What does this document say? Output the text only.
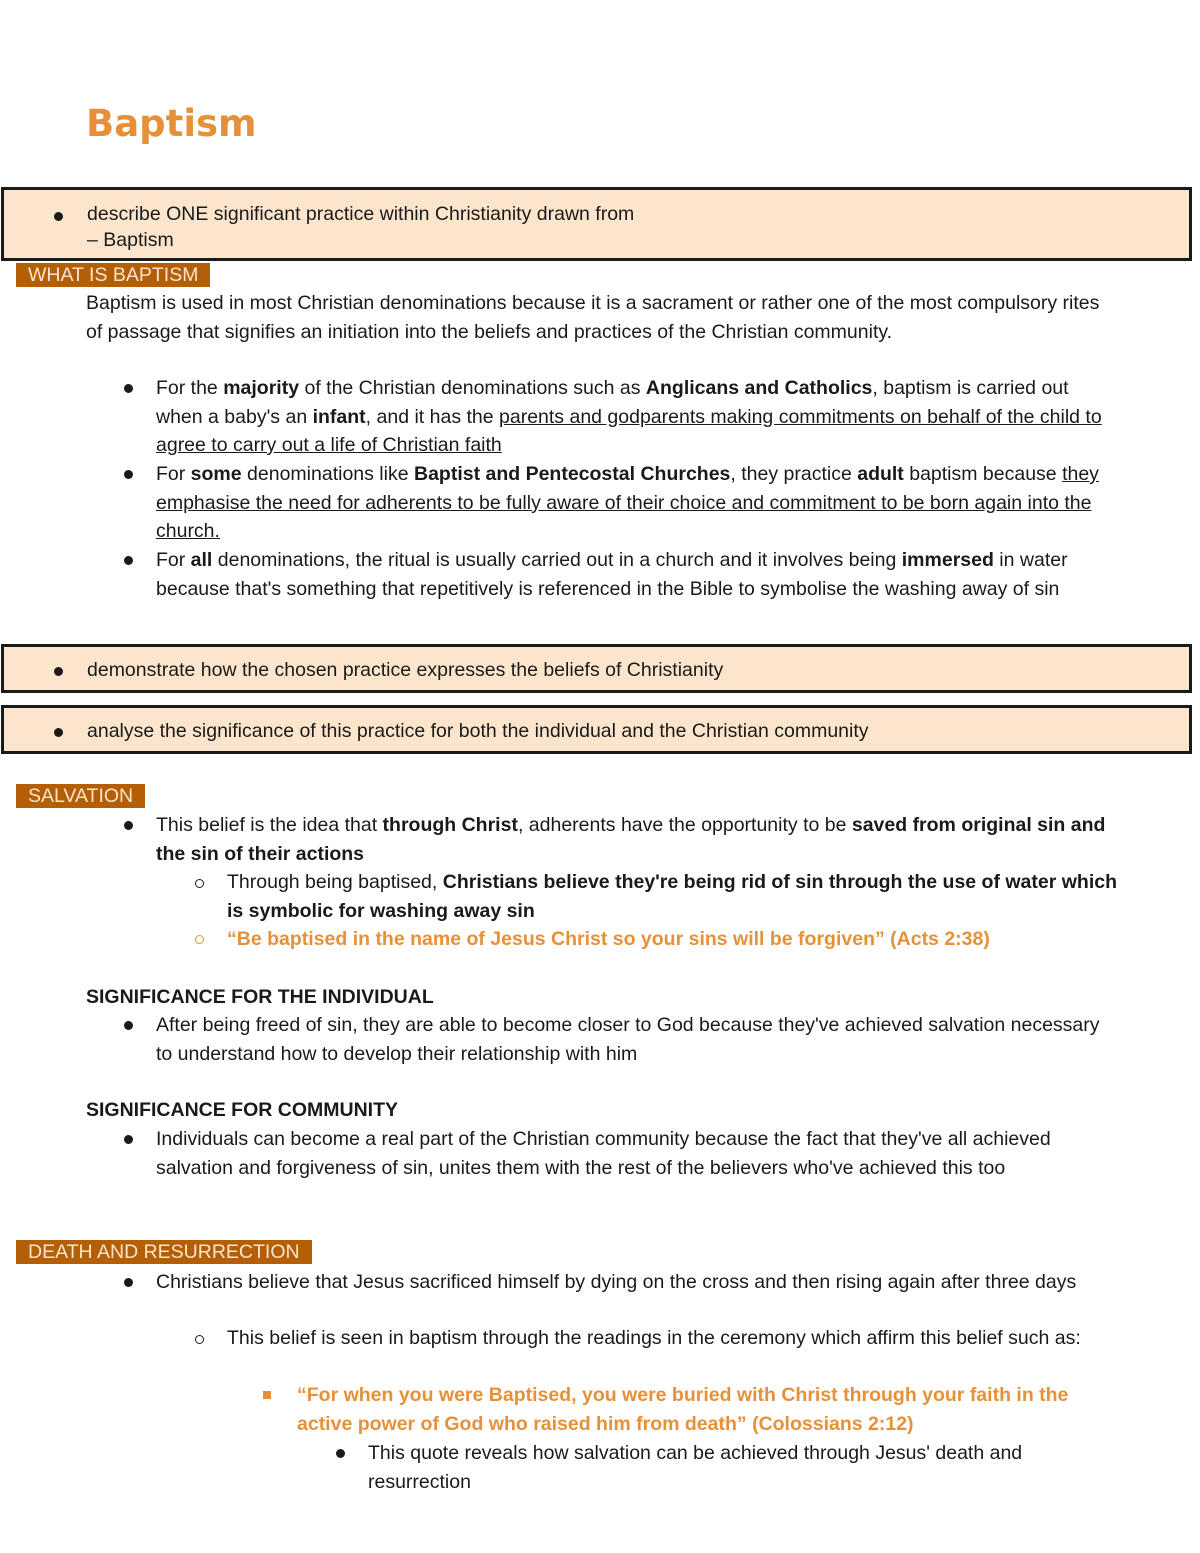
Baptism
describe ONE significant practice within Christianity drawn from
– Baptism
WHAT IS BAPTISM
Baptism is used in most Christian denominations because it is a sacrament or rather one of the most compulsory rites of passage that signifies an initiation into the beliefs and practices of the Christian community.
For the majority of the Christian denominations such as Anglicans and Catholics, baptism is carried out when a baby's an infant, and it has the parents and godparents making commitments on behalf of the child to agree to carry out a life of Christian faith
For some denominations like Baptist and Pentecostal Churches, they practice adult baptism because they emphasise the need for adherents to be fully aware of their choice and commitment to be born again into the church.
For all denominations, the ritual is usually carried out in a church and it involves being immersed in water because that's something that repetitively is referenced in the Bible to symbolise the washing away of sin
demonstrate how the chosen practice expresses the beliefs of Christianity
analyse the significance of this practice for both the individual and the Christian community
SALVATION
This belief is the idea that through Christ, adherents have the opportunity to be saved from original sin and the sin of their actions
Through being baptised, Christians believe they're being rid of sin through the use of water which is symbolic for washing away sin
“Be baptised in the name of Jesus Christ so your sins will be forgiven” (Acts 2:38)
SIGNIFICANCE FOR THE INDIVIDUAL
After being freed of sin, they are able to become closer to God because they've achieved salvation necessary to understand how to develop their relationship with him
SIGNIFICANCE FOR COMMUNITY
Individuals can become a real part of the Christian community because the fact that they've all achieved salvation and forgiveness of sin, unites them with the rest of the believers who've achieved this too
DEATH AND RESURRECTION
Christians believe that Jesus sacrificed himself by dying on the cross and then rising again after three days
This belief is seen in baptism through the readings in the ceremony which affirm this belief such as:
“For when you were Baptised, you were buried with Christ through your faith in the active power of God who raised him from death” (Colossians 2:12)
This quote reveals how salvation can be achieved through Jesus' death and resurrection
